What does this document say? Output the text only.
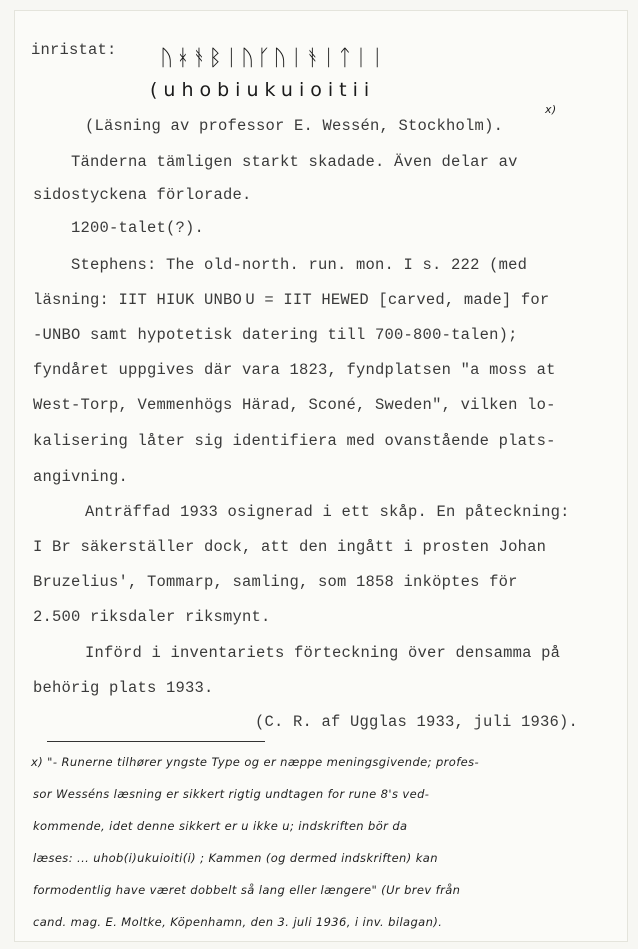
inristat: ᚢᚼᚬᛒᛁᚢᚴᚢᛁᚬᛁᛏᛁᛁ
(uhobiukuioitii
(Läsning av professor E. Wessén, Stockholm).
x)
Tänderna tämligen starkt skadade. Även delar av
sidostyckena förlorade.
1200-talet(?).
Stephens: The old-north. run. mon. I s. 222 (med
läsning: IIT HIUK UNBO U = IIT HEWED [carved, made] for
-UNBO samt hypotetisk datering till 700-800-talen);
fyndåret uppgives där vara 1823, fyndplatsen "a moss at
West-Torp, Vemmenhögs Härad, Sconé, Sweden", vilken lo-
kalisering låter sig identifiera med ovanstående plats-
angivning.
Anträffad 1933 osignerad i ett skåp. En påteckning:
I Br säkerställer dock, att den ingått i prosten Johan
Bruzelius', Tommarp, samling, som 1858 inköptes för
2.500 riksdaler riksmynt.
Införd i inventariets förteckning över densamma på
behörig plats 1933.
(C. R. af Ugglas 1933, juli 1936).
x) "- Runerne tilhører yngste Type og er næppe meningsgivende; profes-
sor Wesséns læsning er sikkert rigtig undtagen for rune 8's ved-
kommende, idet denne sikkert er u ikke u; indskriften bör da
læses: ... uhob(i)ukuioiti(i) ; Kammen (og dermed indskriften) kan
formodentlig have været dobbelt så lang eller længere" (Ur brev från
cand. mag. E. Moltke, Köpenhamn, den 3. juli 1936, i inv. bilagan).
